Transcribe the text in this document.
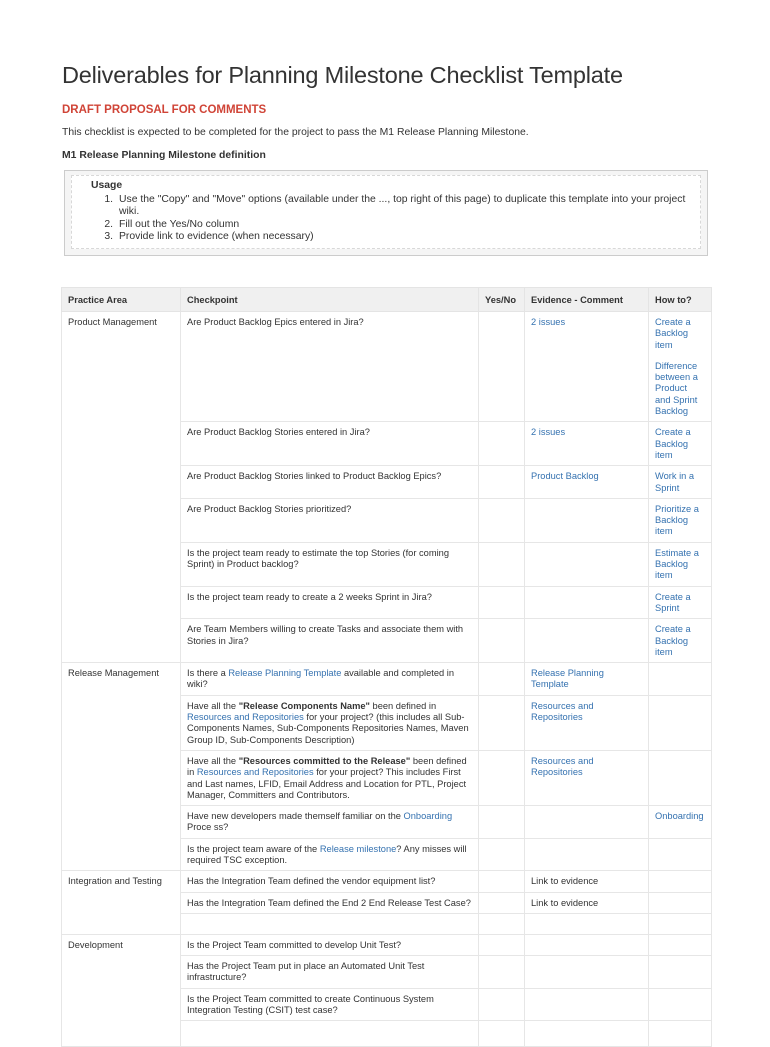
Deliverables for Planning Milestone Checklist Template
DRAFT PROPOSAL FOR COMMENTS
This checklist is expected to be completed for the project to pass the M1 Release Planning Milestone.
M1 Release Planning Milestone definition
Usage
1. Use the "Copy" and "Move" options (available under the ..., top right of this page) to duplicate this template into your project wiki.
2. Fill out the Yes/No column
3. Provide link to evidence (when necessary)
Practice Area	Checkpoint	Yes/No	Evidence - Comment	How to?
Product Management	Are Product Backlog Epics entered in Jira?		2 issues	Create a Backlog item
Difference between a Product and Sprint Backlog

	Are Product Backlog Stories entered in Jira?		2 issues	Create a Backlog item
	Are Product Backlog Stories linked to Product Backlog Epics?		Product Backlog	Work in a Sprint
	Are Product Backlog Stories prioritized?			Prioritize a Backlog item
	Is the project team ready to estimate the top Stories (for coming Sprint) in Product backlog?			Estimate a Backlog item
	Is the project team ready to create a 2 weeks Sprint in Jira?			Create a Sprint
	Are Team Members willing to create Tasks and associate them with Stories in Jira?			Create a Backlog item
Release Management	Is there a Release Planning Template available and completed in wiki?		Release Planning Template	
	Have all the "Release Components Name" been defined in Resources and Repositories for your project? (this includes all Sub-Components Names, Sub-Components Repositories Names, Maven Group ID, Sub-Components Description)		Resources and Repositories	
	Have all the "Resources committed to the Release" been defined in Resources and Repositories for your project? This includes First and Last names, LFID, Email Address and Location for PTL, Project Manager, Committers and Contributors.		Resources and Repositories	
	Have new developers made themself familiar on the Onboarding Proce ss?			Onboarding
	Is the project team aware of the Release milestone? Any misses will required TSC exception.			
Integration and Testing	Has the Integration Team defined the vendor equipment list?		Link to evidence	
	Has the Integration Team defined the End 2 End Release Test Case?		Link to evidence	

Development	Is the Project Team committed to develop Unit Test?			
	Has the Project Team put in place an Automated Unit Test infrastructure?			
	Is the Project Team committed to create Continuous System Integration Testing (CSIT) test case?			
